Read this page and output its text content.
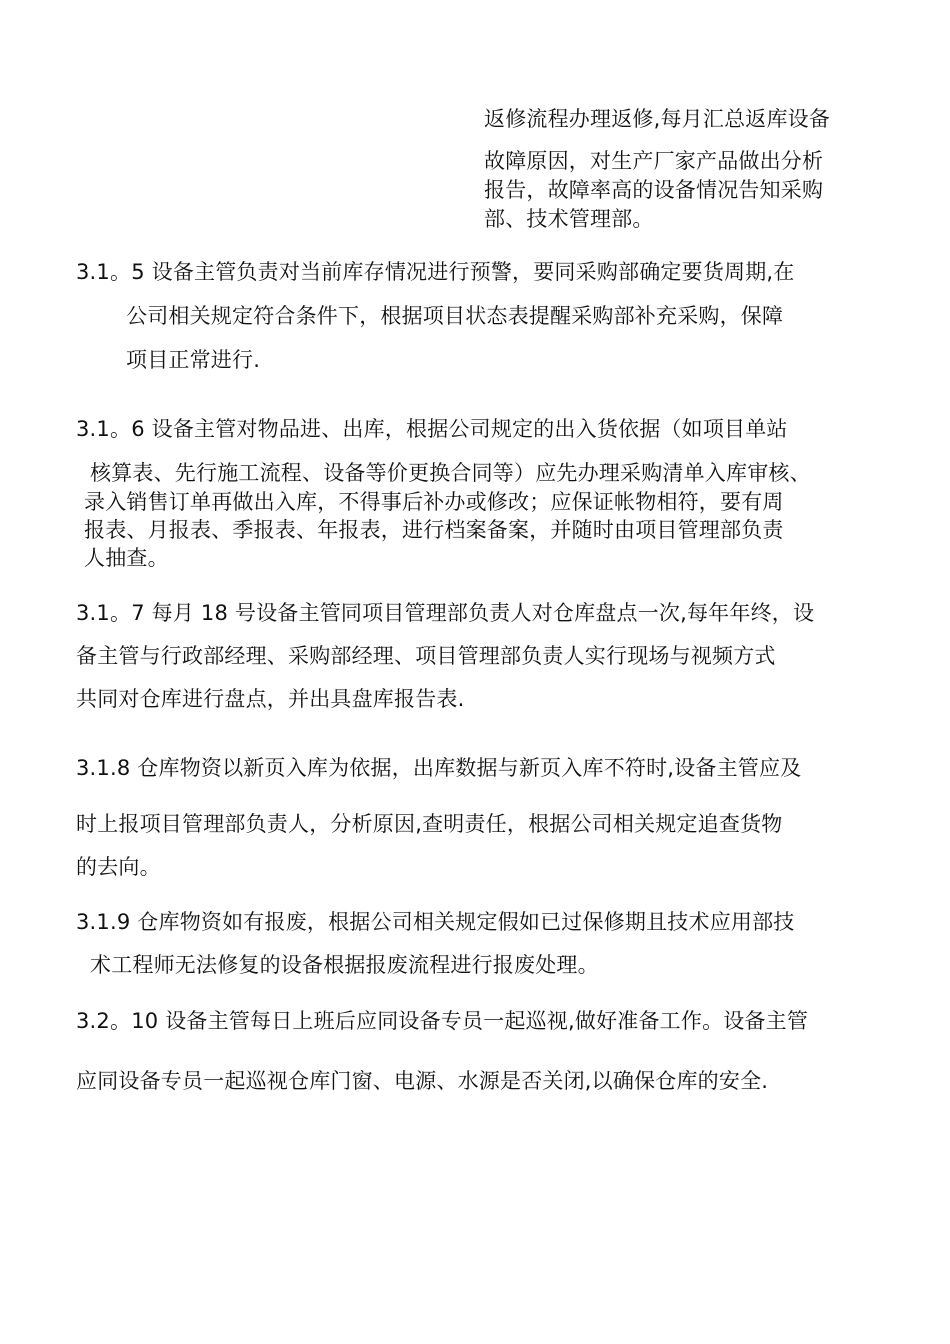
返修流程办理返修,每月汇总返库设备
故障原因，对生产厂家产品做出分析
报告，故障率高的设备情况告知采购
部、技术管理部。
3.1。5 设备主管负责对当前库存情况进行预警，要同采购部确定要货周期,在
公司相关规定符合条件下，根据项目状态表提醒采购部补充采购，保障
项目正常进行.
3.1。6 设备主管对物品进、出库，根据公司规定的出入货依据（如项目单站
核算表、先行施工流程、设备等价更换合同等）应先办理采购清单入库审核、
录入销售订单再做出入库，不得事后补办或修改；应保证帐物相符，要有周
报表、月报表、季报表、年报表，进行档案备案，并随时由项目管理部负责
人抽查。
3.1。7 每月 18 号设备主管同项目管理部负责人对仓库盘点一次,每年年终，设
备主管与行政部经理、采购部经理、项目管理部负责人实行现场与视频方式
共同对仓库进行盘点，并出具盘库报告表.
3.1.8 仓库物资以新页入库为依据，出库数据与新页入库不符时,设备主管应及
时上报项目管理部负责人，分析原因,查明责任，根据公司相关规定追查货物
的去向。
3.1.9 仓库物资如有报废，根据公司相关规定假如已过保修期且技术应用部技
术工程师无法修复的设备根据报废流程进行报废处理。
3.2。10 设备主管每日上班后应同设备专员一起巡视,做好准备工作。设备主管
应同设备专员一起巡视仓库门窗、电源、水源是否关闭,以确保仓库的安全.
